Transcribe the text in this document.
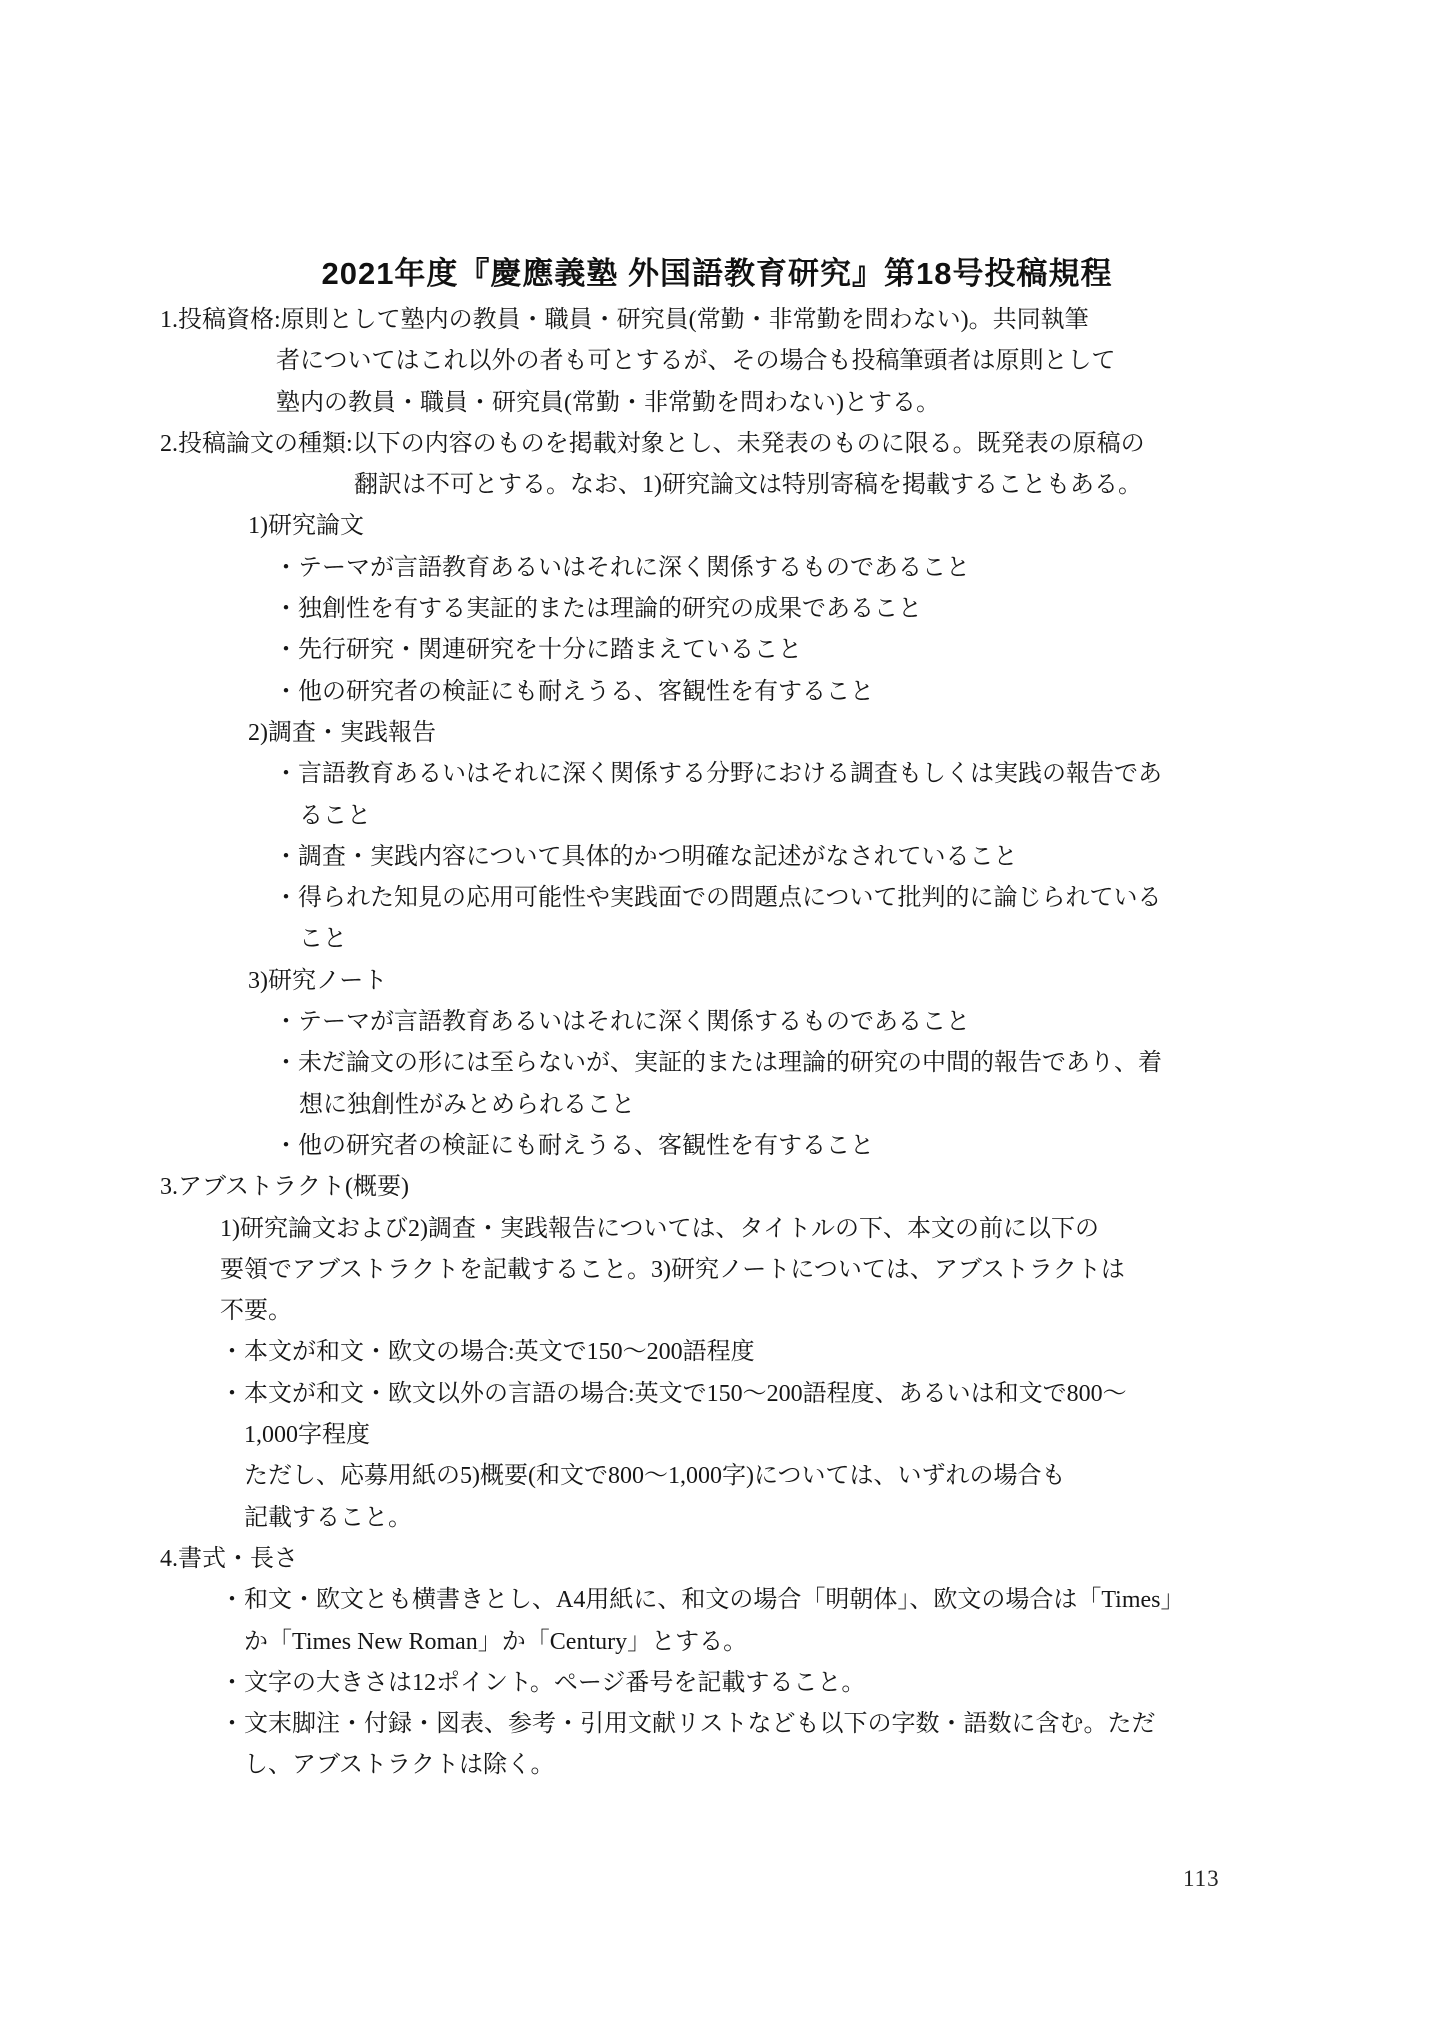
2021年度『慶應義塾 外国語教育研究』第18号投稿規程
1.投稿資格:原則として塾内の教員・職員・研究員(常勤・非常勤を問わない)。共同執筆
者についてはこれ以外の者も可とするが、その場合も投稿筆頭者は原則として
塾内の教員・職員・研究員(常勤・非常勤を問わない)とする。
2.投稿論文の種類:以下の内容のものを掲載対象とし、未発表のものに限る。既発表の原稿の
翻訳は不可とする。なお、1)研究論文は特別寄稿を掲載することもある。
1)研究論文
・テーマが言語教育あるいはそれに深く関係するものであること
・独創性を有する実証的または理論的研究の成果であること
・先行研究・関連研究を十分に踏まえていること
・他の研究者の検証にも耐えうる、客観性を有すること
2)調査・実践報告
・言語教育あるいはそれに深く関係する分野における調査もしくは実践の報告であ
ること
・調査・実践内容について具体的かつ明確な記述がなされていること
・得られた知見の応用可能性や実践面での問題点について批判的に論じられている
こと
3)研究ノート
・テーマが言語教育あるいはそれに深く関係するものであること
・未だ論文の形には至らないが、実証的または理論的研究の中間的報告であり、着
想に独創性がみとめられること
・他の研究者の検証にも耐えうる、客観性を有すること
3.アブストラクト(概要)
1)研究論文および2)調査・実践報告については、タイトルの下、本文の前に以下の
要領でアブストラクトを記載すること。3)研究ノートについては、アブストラクトは
不要。
・本文が和文・欧文の場合:英文で150〜200語程度
・本文が和文・欧文以外の言語の場合:英文で150〜200語程度、あるいは和文で800〜
1,000字程度
ただし、応募用紙の5)概要(和文で800〜1,000字)については、いずれの場合も
記載すること。
4.書式・長さ
・和文・欧文とも横書きとし、A4用紙に、和文の場合「明朝体」、欧文の場合は「Times」
か「Times New Roman」か「Century」とする。
・文字の大きさは12ポイント。ページ番号を記載すること。
・文末脚注・付録・図表、参考・引用文献リストなども以下の字数・語数に含む。ただ
し、アブストラクトは除く。
113
